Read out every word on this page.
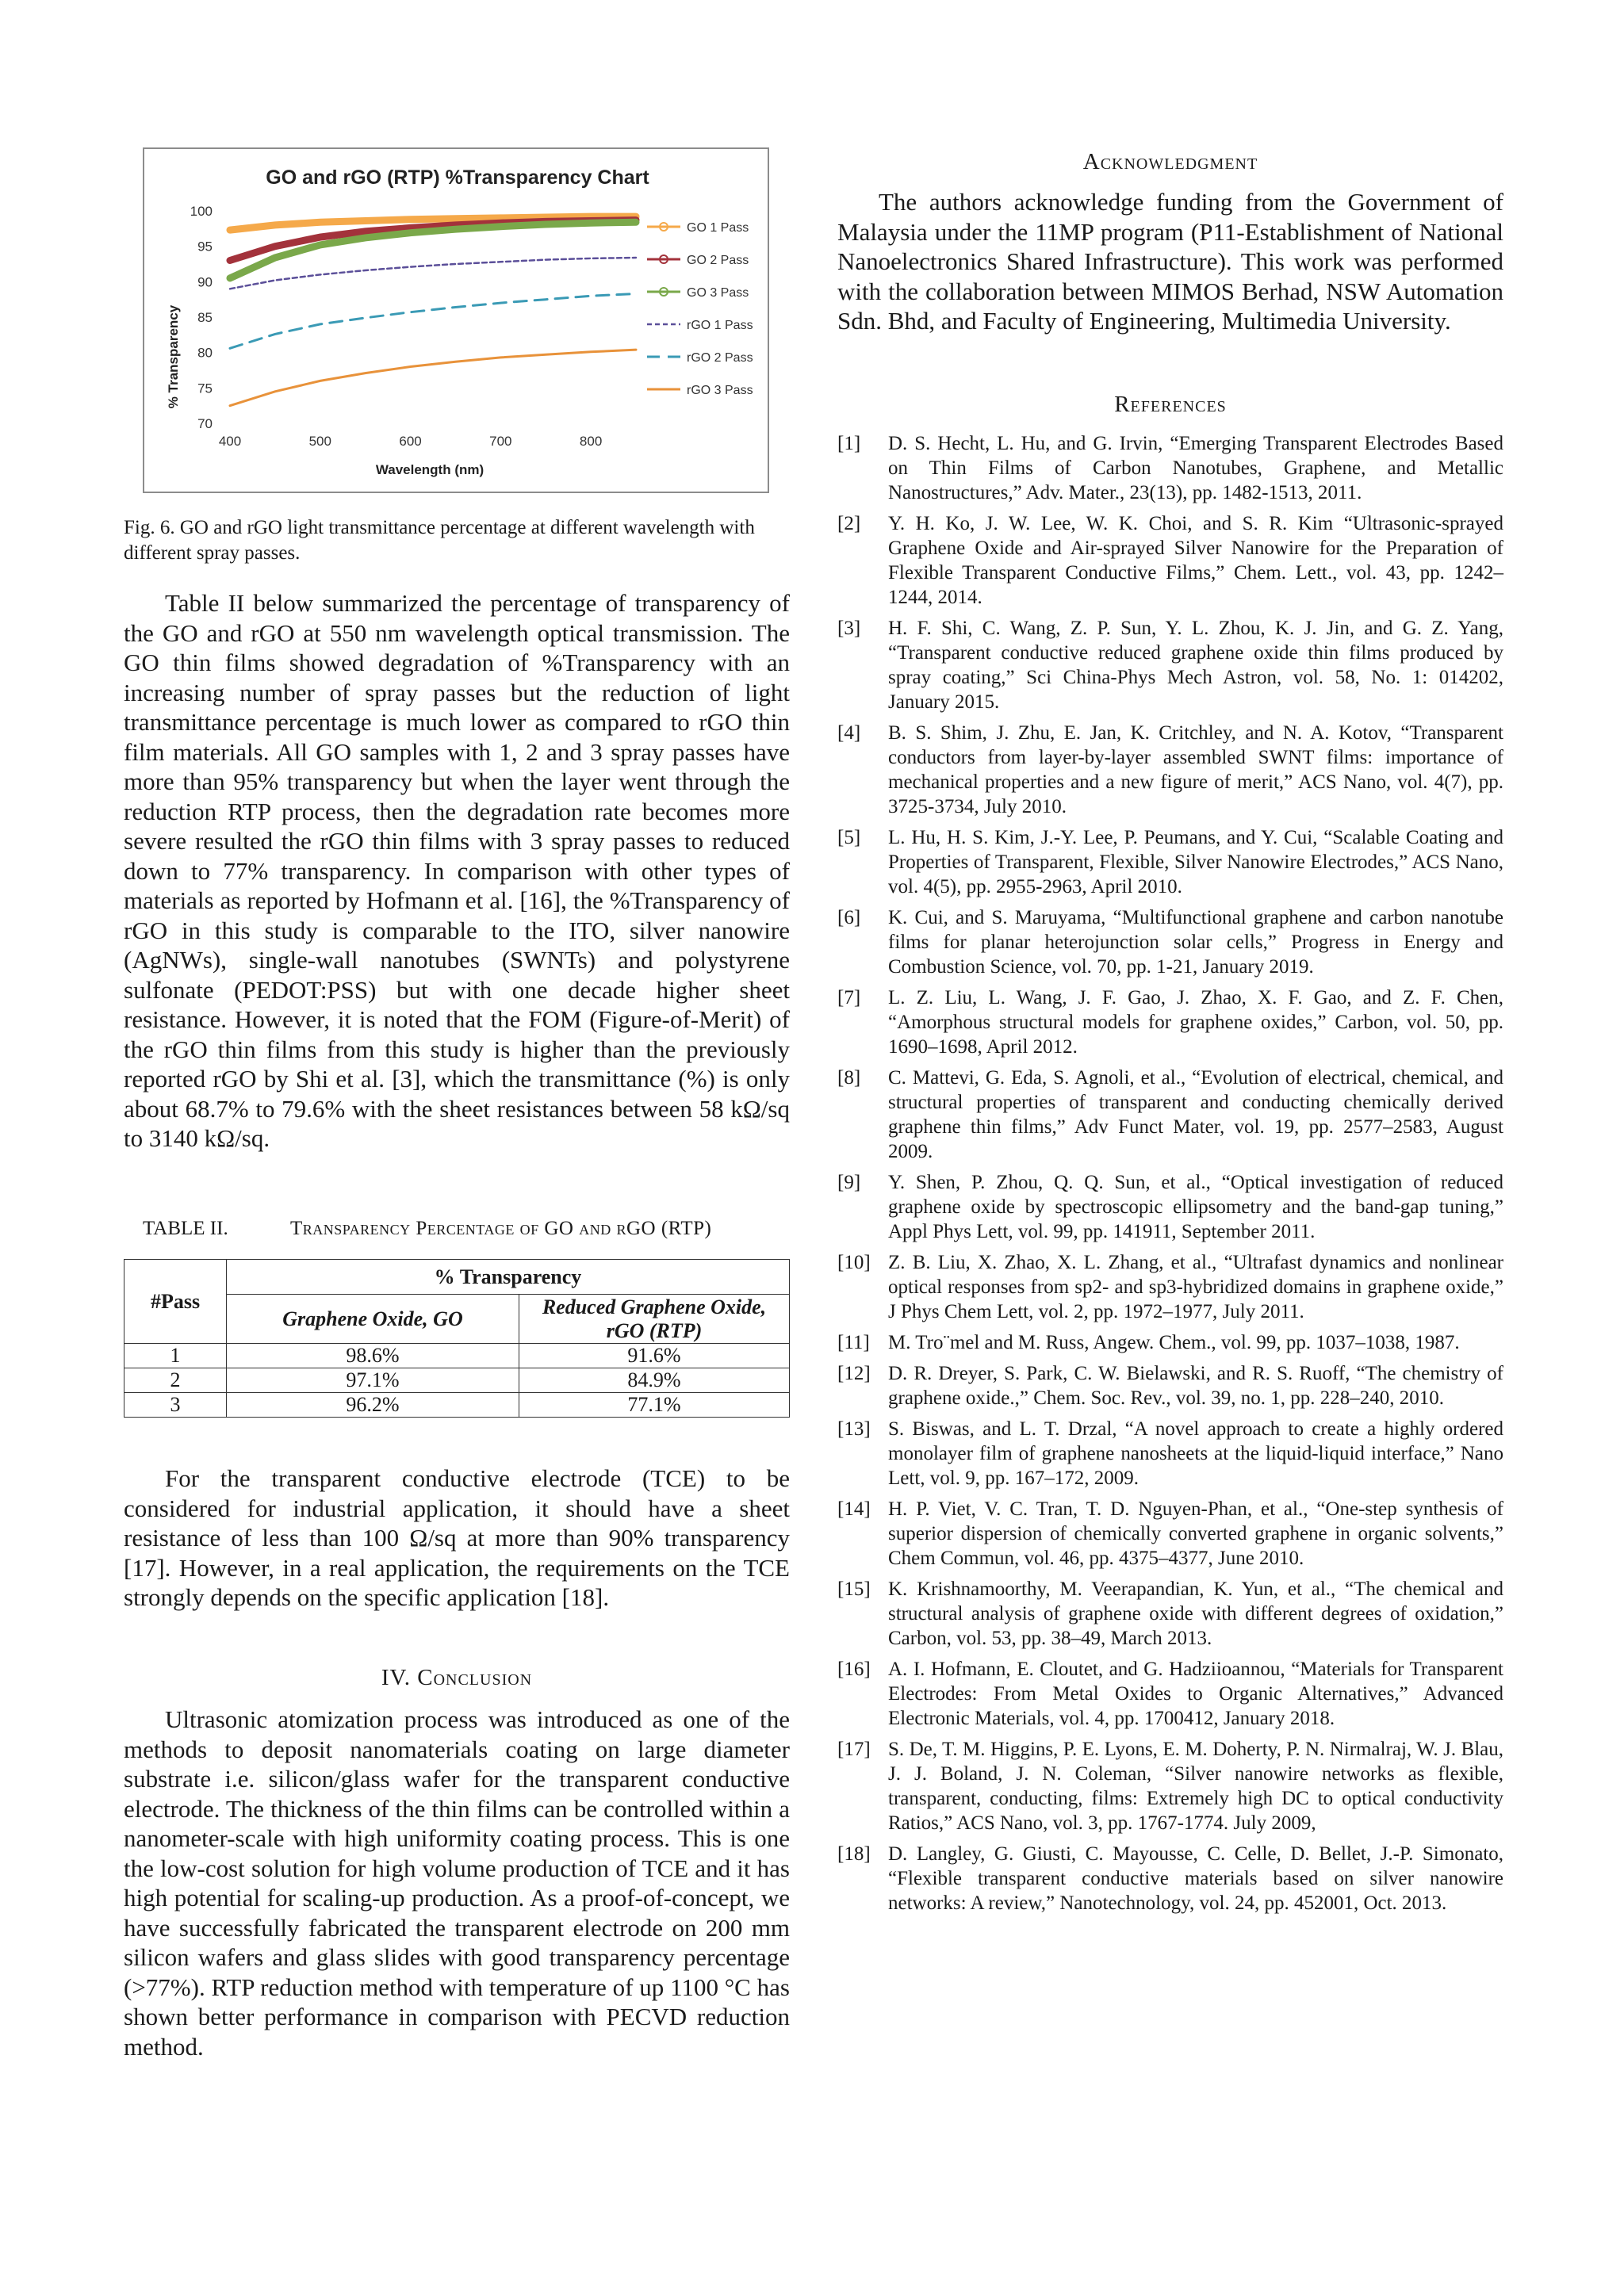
GO and rGO (RTP) %Transparency Chart
% Transparency
Wavelength (nm)
70
75
80
85
90
95
100
400	500	600	700	800
GO 1 Pass
GO 2 Pass
GO 3 Pass
rGO 1 Pass
rGO 2 Pass
rGO 3 Pass
Fig. 6. GO and rGO light transmittance percentage at different wavelength with different spray passes.

Table II below summarized the percentage of transparency of the GO and rGO at 550 nm wavelength optical transmission. The GO thin films showed degradation of %Transparency with an increasing number of spray passes but the reduction of light transmittance percentage is much lower as compared to rGO thin film materials. All GO samples with 1, 2 and 3 spray passes have more than 95% transparency but when the layer went through the reduction RTP process, then the degradation rate becomes more severe resulted the rGO thin films with 3 spray passes to reduced down to 77% transparency. In comparison with other types of materials as reported by Hofmann et al. [16], the %Transparency of rGO in this study is comparable to the ITO, silver nanowire (AgNWs), single-wall nanotubes (SWNTs) and polystyrene sulfonate (PEDOT:PSS) but with one decade higher sheet resistance. However, it is noted that the FOM (Figure-of-Merit) of the rGO thin films from this study is higher than the previously reported rGO by Shi et al. [3], which the transmittance (%) is only about 68.7% to 79.6% with the sheet resistances between 58 kΩ/sq to 3140 kΩ/sq.

TABLE II.	Transparency Percentage of GO and rGO (RTP)
#Pass	% Transparency	
	Graphene Oxide, GO	Reduced Graphene Oxide, rGO (RTP)
1	98.6%	91.6%
2	97.1%	84.9%
3	96.2%	77.1%

For the transparent conductive electrode (TCE) to be considered for industrial application, it should have a sheet resistance of less than 100 Ω/sq at more than 90% transparency [17]. However, in a real application, the requirements on the TCE strongly depends on the specific application [18].

IV. Conclusion

Ultrasonic atomization process was introduced as one of the methods to deposit nanomaterials coating on large diameter substrate i.e. silicon/glass wafer for the transparent conductive electrode. The thickness of the thin films can be controlled within a nanometer-scale with high uniformity coating process. This is one the low-cost solution for high volume production of TCE and it has high potential for scaling-up production. As a proof-of-concept, we have successfully fabricated the transparent electrode on 200 mm silicon wafers and glass slides with good transparency percentage (>77%). RTP reduction method with temperature of up 1100 °C has shown better performance in comparison with PECVD reduction method.

Acknowledgment

The authors acknowledge funding from the Government of Malaysia under the 11MP program (P11-Establishment of National Nanoelectronics Shared Infrastructure). This work was performed with the collaboration between MIMOS Berhad, NSW Automation Sdn. Bhd, and Faculty of Engineering, Multimedia University.

References
[1] D. S. Hecht, L. Hu, and G. Irvin, “Emerging Transparent Electrodes Based on Thin Films of Carbon Nanotubes, Graphene, and Metallic Nanostructures,” Adv. Mater., 23(13), pp. 1482-1513, 2011.
[2] Y. H. Ko, J. W. Lee, W. K. Choi, and S. R. Kim “Ultrasonic-sprayed Graphene Oxide and Air-sprayed Silver Nanowire for the Preparation of Flexible Transparent Conductive Films,” Chem. Lett., vol. 43, pp. 1242–1244, 2014.
[3] H. F. Shi, C. Wang, Z. P. Sun, Y. L. Zhou, K. J. Jin, and G. Z. Yang, “Transparent conductive reduced graphene oxide thin films produced by spray coating,” Sci China-Phys Mech Astron, vol. 58, No. 1: 014202, January 2015.
[4] B. S. Shim, J. Zhu, E. Jan, K. Critchley, and N. A. Kotov, “Transparent conductors from layer-by-layer assembled SWNT films: importance of mechanical properties and a new figure of merit,” ACS Nano, vol. 4(7), pp. 3725-3734, July 2010.
[5] L. Hu, H. S. Kim, J.-Y. Lee, P. Peumans, and Y. Cui, “Scalable Coating and Properties of Transparent, Flexible, Silver Nanowire Electrodes,” ACS Nano, vol. 4(5), pp. 2955-2963, April 2010.
[6] K. Cui, and S. Maruyama, “Multifunctional graphene and carbon nanotube films for planar heterojunction solar cells,” Progress in Energy and Combustion Science, vol. 70, pp. 1-21, January 2019.
[7] L. Z. Liu, L. Wang, J. F. Gao, J. Zhao, X. F. Gao, and Z. F. Chen, “Amorphous structural models for graphene oxides,” Carbon, vol. 50, pp. 1690–1698, April 2012.
[8] C. Mattevi, G. Eda, S. Agnoli, et al., “Evolution of electrical, chemical, and structural properties of transparent and conducting chemically derived graphene thin films,” Adv Funct Mater, vol. 19, pp. 2577–2583, August 2009.
[9] Y. Shen, P. Zhou, Q. Q. Sun, et al., “Optical investigation of reduced graphene oxide by spectroscopic ellipsometry and the band-gap tuning,” Appl Phys Lett, vol. 99, pp. 141911, September 2011.
[10] Z. B. Liu, X. Zhao, X. L. Zhang, et al., “Ultrafast dynamics and nonlinear optical responses from sp2- and sp3-hybridized domains in graphene oxide,” J Phys Chem Lett, vol. 2, pp. 1972–1977, July 2011.
[11] M. Tro¨mel and M. Russ, Angew. Chem., vol. 99, pp. 1037–1038, 1987.
[12] D. R. Dreyer, S. Park, C. W. Bielawski, and R. S. Ruoff, “The chemistry of graphene oxide.,” Chem. Soc. Rev., vol. 39, no. 1, pp. 228–240, 2010.
[13] S. Biswas, and L. T. Drzal, “A novel approach to create a highly ordered monolayer film of graphene nanosheets at the liquid-liquid interface,” Nano Lett, vol. 9, pp. 167–172, 2009.
[14] H. P. Viet, V. C. Tran, T. D. Nguyen-Phan, et al., “One-step synthesis of superior dispersion of chemically converted graphene in organic solvents,” Chem Commun, vol. 46, pp. 4375–4377, June 2010.
[15] K. Krishnamoorthy, M. Veerapandian, K. Yun, et al., “The chemical and structural analysis of graphene oxide with different degrees of oxidation,” Carbon, vol. 53, pp. 38–49, March 2013.
[16] A. I. Hofmann, E. Cloutet, and G. Hadziioannou, “Materials for Transparent Electrodes: From Metal Oxides to Organic Alternatives,” Advanced Electronic Materials, vol. 4, pp. 1700412, January 2018.
[17] S. De, T. M. Higgins, P. E. Lyons, E. M. Doherty, P. N. Nirmalraj, W. J. Blau, J. J. Boland, J. N. Coleman, “Silver nanowire networks as flexible, transparent, conducting, films: Extremely high DC to optical conductivity Ratios,” ACS Nano, vol. 3, pp. 1767-1774. July 2009,
[18] D. Langley, G. Giusti, C. Mayousse, C. Celle, D. Bellet, J.-P. Simonato, “Flexible transparent conductive materials based on silver nanowire networks: A review,” Nanotechnology, vol. 24, pp. 452001, Oct. 2013.
